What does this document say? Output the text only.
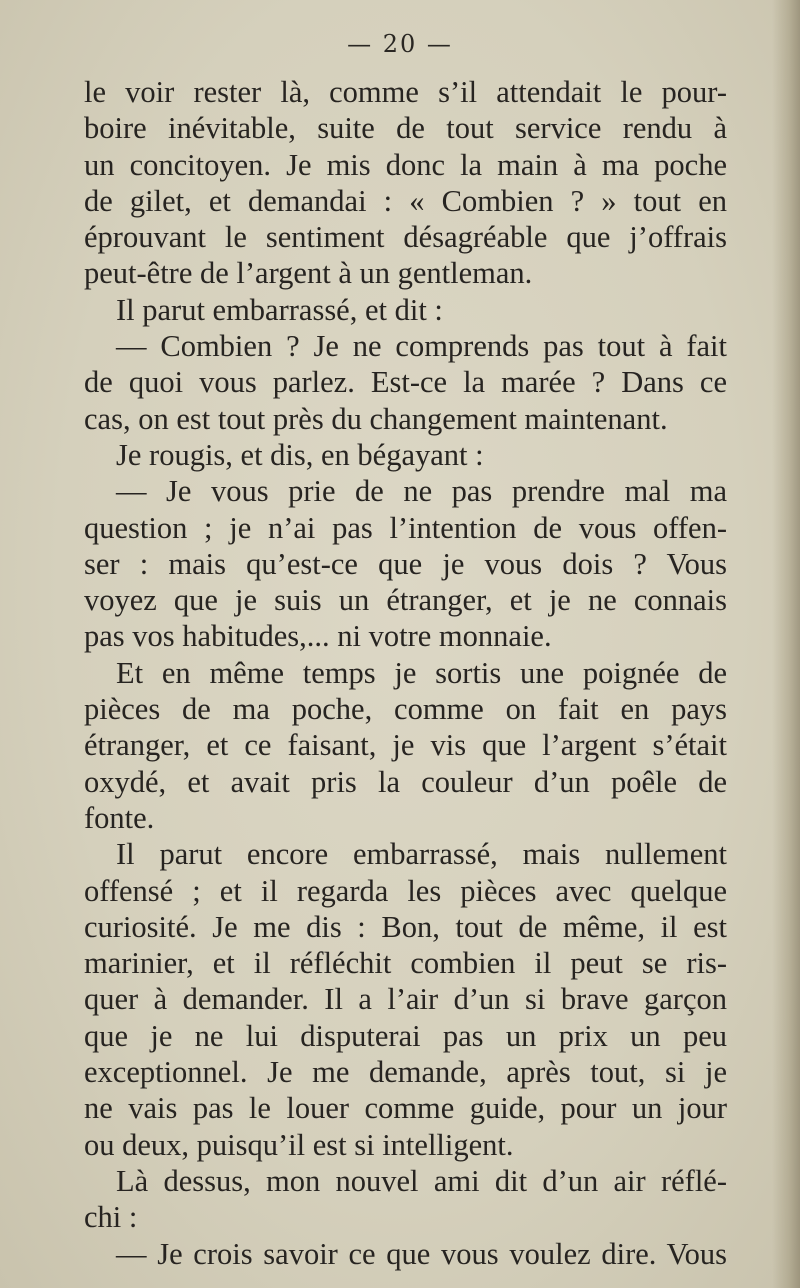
— 20 —
le voir rester là, comme s’il attendait le pour-
boire inévitable, suite de tout service rendu à
un concitoyen. Je mis donc la main à ma poche
de gilet, et demandai : « Combien ? » tout en
éprouvant le sentiment désagréable que j’offrais
peut-être de l’argent à un gentleman.
Il parut embarrassé, et dit :
— Combien ? Je ne comprends pas tout à fait
de quoi vous parlez. Est-ce la marée ? Dans ce
cas, on est tout près du changement maintenant.
Je rougis, et dis, en bégayant :
— Je vous prie de ne pas prendre mal ma
question ; je n’ai pas l’intention de vous offen-
ser : mais qu’est-ce que je vous dois ? Vous
voyez que je suis un étranger, et je ne connais
pas vos habitudes,... ni votre monnaie.
Et en même temps je sortis une poignée de
pièces de ma poche, comme on fait en pays
étranger, et ce faisant, je vis que l’argent s’était
oxydé, et avait pris la couleur d’un poêle de
fonte.
Il parut encore embarrassé, mais nullement
offensé ; et il regarda les pièces avec quelque
curiosité. Je me dis : Bon, tout de même, il est
marinier, et il réfléchit combien il peut se ris-
quer à demander. Il a l’air d’un si brave garçon
que je ne lui disputerai pas un prix un peu
exceptionnel. Je me demande, après tout, si je
ne vais pas le louer comme guide, pour un jour
ou deux, puisqu’il est si intelligent.
Là dessus, mon nouvel ami dit d’un air réflé-
chi :
— Je crois savoir ce que vous voulez dire. Vous
